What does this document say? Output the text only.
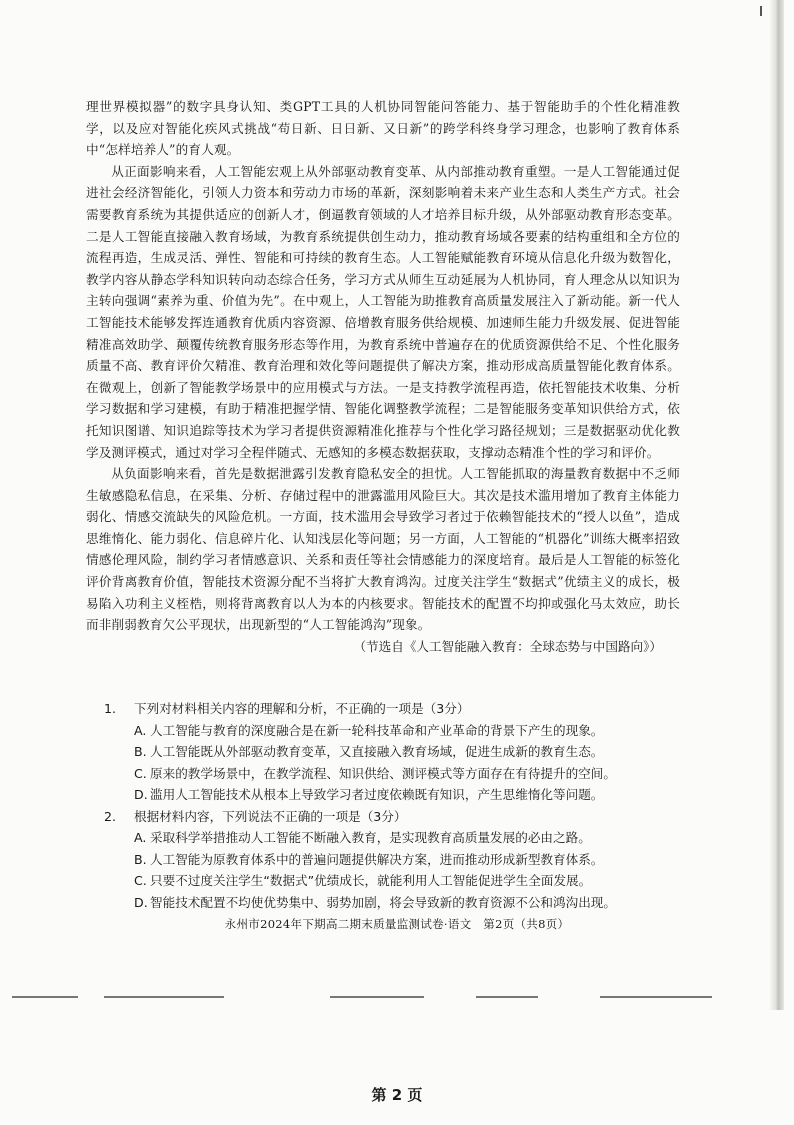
理世界模拟器”的数字具身认知、类GPT工具的人机协同智能问答能力、基于智能助手的个性化精准教学，以及应对智能化疾风式挑战“苟日新、日日新、又日新”的跨学科终身学习理念，也影响了教育体系中“怎样培养人”的育人观。

从正面影响来看，人工智能宏观上从外部驱动教育变革、从内部推动教育重塑。一是人工智能通过促进社会经济智能化，引领人力资本和劳动力市场的革新，深刻影响着未来产业生态和人类生产方式。社会需要教育系统为其提供适应的创新人才，倒逼教育领域的人才培养目标升级，从外部驱动教育形态变革。二是人工智能直接融入教育场域，为教育系统提供创生动力，推动教育场域各要素的结构重组和全方位的流程再造，生成灵活、弹性、智能和可持续的教育生态。人工智能赋能教育环境从信息化升级为数智化，教学内容从静态学科知识转向动态综合任务，学习方式从师生互动延展为人机协同，育人理念从以知识为主转向强调“素养为重、价值为先”。在中观上，人工智能为助推教育高质量发展注入了新动能。新一代人工智能技术能够发挥连通教育优质内容资源、倍增教育服务供给规模、加速师生能力升级发展、促进智能精准高效助学、颠覆传统教育服务形态等作用，为教育系统中普遍存在的优质资源供给不足、个性化服务质量不高、教育评价欠精准、教育治理和效化等问题提供了解决方案，推动形成高质量智能化教育体系。在微观上，创新了智能教学场景中的应用模式与方法。一是支持教学流程再造，依托智能技术收集、分析学习数据和学习建模，有助于精准把握学情、智能化调整教学流程；二是智能服务变革知识供给方式，依托知识图谱、知识追踪等技术为学习者提供资源精准化推荐与个性化学习路径规划；三是数据驱动优化教学及测评模式，通过对学习全程伴随式、无感知的多模态数据获取，支撑动态精准个性的学习和评价。

从负面影响来看，首先是数据泄露引发教育隐私安全的担忧。人工智能抓取的海量教育数据中不乏师生敏感隐私信息，在采集、分析、存储过程中的泄露滥用风险巨大。其次是技术滥用增加了教育主体能力弱化、情感交流缺失的风险危机。一方面，技术滥用会导致学习者过于依赖智能技术的“授人以鱼”，造成思维惰化、能力弱化、信息碎片化、认知浅层化等问题；另一方面，人工智能的“机器化”训练大概率招致情感伦理风险，制约学习者情感意识、关系和责任等社会情感能力的深度培育。最后是人工智能的标签化评价背离教育价值，智能技术资源分配不当将扩大教育鸿沟。过度关注学生“数据式”优绩主义的成长，极易陷入功利主义桎梏，则将背离教育以人为本的内核要求。智能技术的配置不均抑或强化马太效应，助长而非削弱教育欠公平现状，出现新型的“人工智能鸿沟”现象。

（节选自《人工智能融入教育：全球态势与中国路向》）

1. 下列对材料相关内容的理解和分析，不正确的一项是（3分）

A. 人工智能与教育的深度融合是在新一轮科技革命和产业革命的背景下产生的现象。

B. 人工智能既从外部驱动教育变革，又直接融入教育场域，促进生成新的教育生态。

C. 原来的教学场景中，在教学流程、知识供给、测评模式等方面存在有待提升的空间。

D. 滥用人工智能技术从根本上导致学习者过度依赖既有知识，产生思维惰化等问题。

2. 根据材料内容，下列说法不正确的一项是（3分）

A. 采取科学举措推动人工智能不断融入教育，是实现教育高质量发展的必由之路。

B. 人工智能为原教育体系中的普遍问题提供解决方案，进而推动形成新型教育体系。

C. 只要不过度关注学生“数据式”优绩成长，就能利用人工智能促进学生全面发展。

D. 智能技术配置不均使优势集中、弱势加剧，将会导致新的教育资源不公和鸿沟出现。

永州市2024年下期高二期末质量监测试卷·语文　第2页（共8页）
第 2 页
